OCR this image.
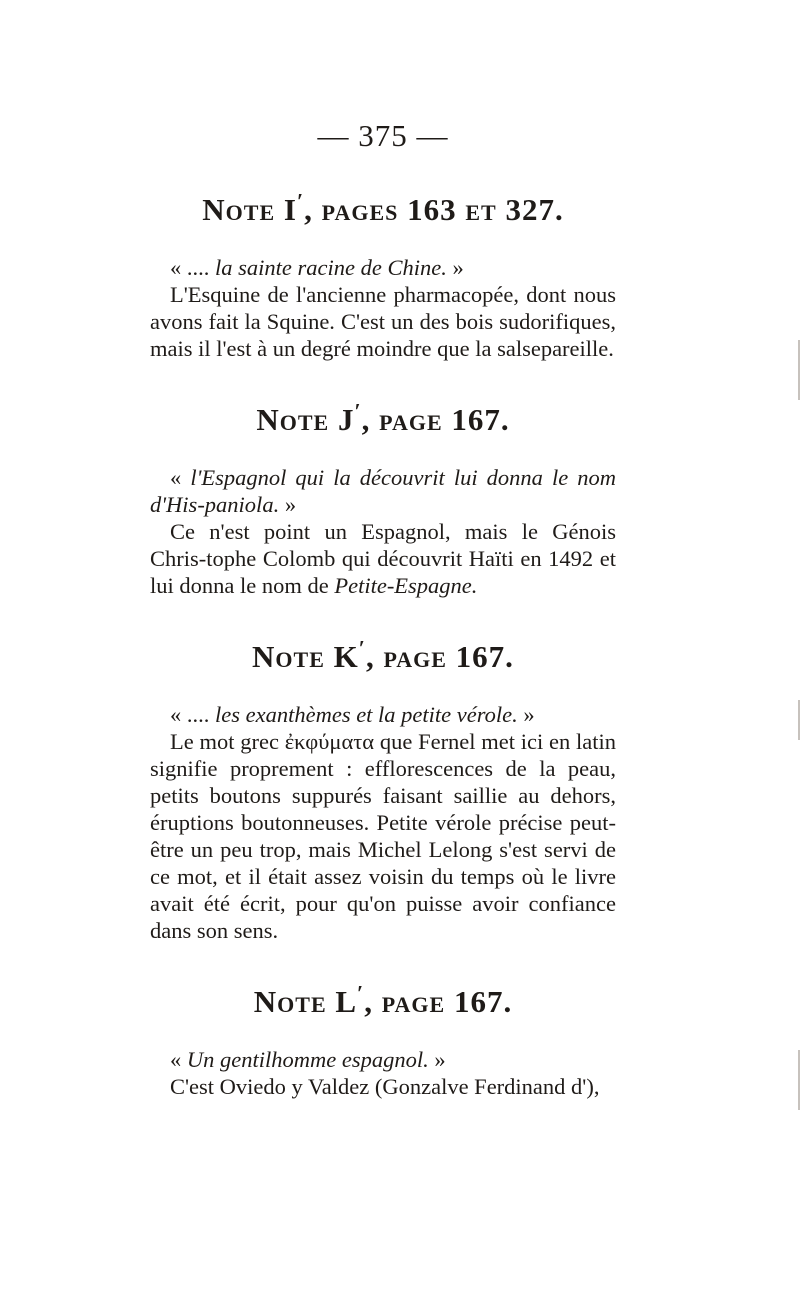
— 375 —
Note I′, pages 163 et 327.

« .... la sainte racine de Chine. »

L'Esquine de l'ancienne pharmacopée, dont nous avons fait la Squine. C'est un des bois sudorifiques, mais il l'est à un degré moindre que la salsepareille.

Note J′, page 167.

« l'Espagnol qui la découvrit lui donna le nom d'His-paniola. »

Ce n'est point un Espagnol, mais le Génois Chris-tophe Colomb qui découvrit Haïti en 1492 et lui donna le nom de Petite-Espagne.

Note K′, page 167.

« .... les exanthèmes et la petite vérole. »

Le mot grec ἐκφύματα que Fernel met ici en latin signifie proprement : efflorescences de la peau, petits boutons suppurés faisant saillie au dehors, éruptions boutonneuses. Petite vérole précise peut-être un peu trop, mais Michel Lelong s'est servi de ce mot, et il était assez voisin du temps où le livre avait été écrit, pour qu'on puisse avoir confiance dans son sens.

Note L′, page 167.

« Un gentilhomme espagnol. »

C'est Oviedo y Valdez (Gonzalve Ferdinand d'),
